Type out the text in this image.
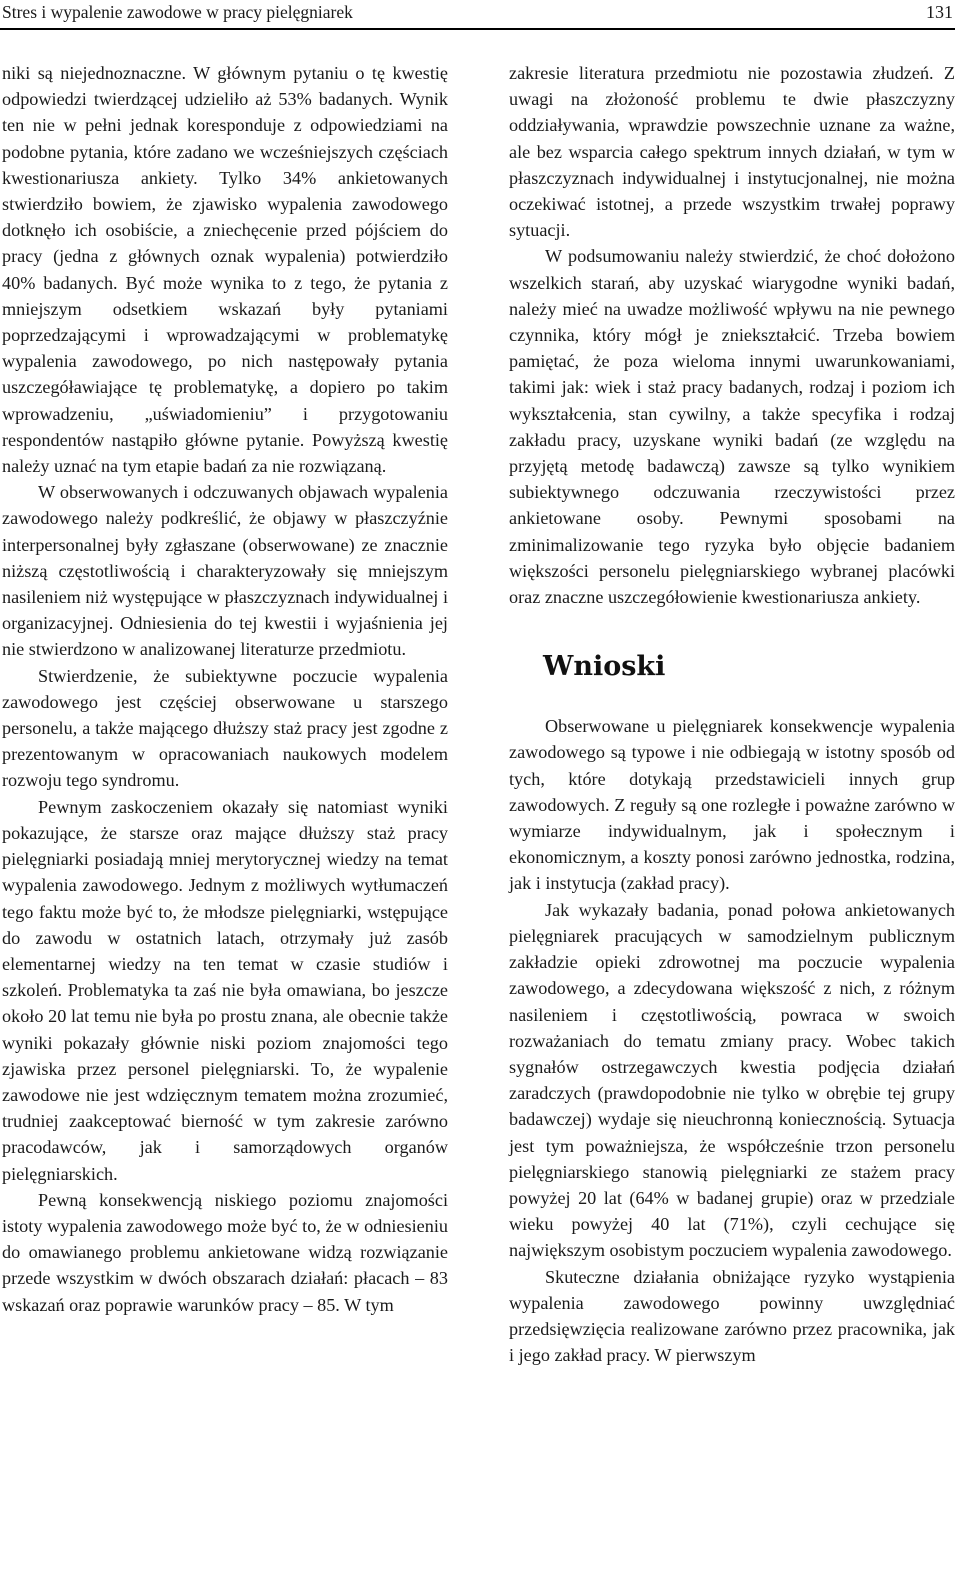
Stres i wypalenie zawodowe w pracy pielęgniarek	131

niki są niejednoznaczne. W głównym pytaniu o tę kwestię odpowiedzi twierdzącej udzieliło aż 53% badanych. Wynik ten nie w pełni jednak koresponduje z odpowiedziami na podobne pytania, które zadano we wcześniejszych częściach kwestionariusza ankiety. Tylko 34% ankietowanych stwierdziło bowiem, że zjawisko wypalenia zawodowego dotknęło ich osobiście, a zniechęcenie przed pójściem do pracy (jedna z głównych oznak wypalenia) potwierdziło 40% badanych. Być może wynika to z tego, że pytania z mniejszym odsetkiem wskazań były pytaniami poprzedzającymi i wprowadzającymi w problematykę wypalenia zawodowego, po nich następowały pytania uszczegóławiające tę problematykę, a dopiero po takim wprowadzeniu, „uświadomieniu” i przygotowaniu respondentów nastąpiło główne pytanie. Powyższą kwestię należy uznać na tym etapie badań za nie rozwiązaną.

W obserwowanych i odczuwanych objawach wypalenia zawodowego należy podkreślić, że objawy w płaszczyźnie interpersonalnej były zgłaszane (obserwowane) ze znacznie niższą częstotliwością i charakteryzowały się mniejszym nasileniem niż występujące w płaszczyznach indywidualnej i organizacyjnej. Odniesienia do tej kwestii i wyjaśnienia jej nie stwierdzono w analizowanej literaturze przedmiotu.

Stwierdzenie, że subiektywne poczucie wypalenia zawodowego jest częściej obserwowane u starszego personelu, a także mającego dłuższy staż pracy jest zgodne z prezentowanym w opracowaniach naukowych modelem rozwoju tego syndromu.

Pewnym zaskoczeniem okazały się natomiast wyniki pokazujące, że starsze oraz mające dłuższy staż pracy pielęgniarki posiadają mniej merytorycznej wiedzy na temat wypalenia zawodowego. Jednym z możliwych wytłumaczeń tego faktu może być to, że młodsze pielęgniarki, wstępujące do zawodu w ostatnich latach, otrzymały już zasób elementarnej wiedzy na ten temat w czasie studiów i szkoleń. Problematyka ta zaś nie była omawiana, bo jeszcze około 20 lat temu nie była po prostu znana, ale obecnie także wyniki pokazały głównie niski poziom znajomości tego zjawiska przez personel pielęgniarski. To, że wypalenie zawodowe nie jest wdzięcznym tematem można zrozumieć, trudniej zaakceptować bierność w tym zakresie zarówno pracodawców, jak i samorządowych organów pielęgniarskich.

Pewną konsekwencją niskiego poziomu znajomości istoty wypalenia zawodowego może być to, że w odniesieniu do omawianego problemu ankietowane widzą rozwiązanie przede wszystkim w dwóch obszarach działań: płacach – 83 wskazań oraz poprawie warunków pracy – 85. W tym

zakresie literatura przedmiotu nie pozostawia złudzeń. Z uwagi na złożoność problemu te dwie płaszczyzny oddziaływania, wprawdzie powszechnie uznane za ważne, ale bez wsparcia całego spektrum innych działań, w tym w płaszczyznach indywidualnej i instytucjonalnej, nie można oczekiwać istotnej, a przede wszystkim trwałej poprawy sytuacji.

W podsumowaniu należy stwierdzić, że choć dołożono wszelkich starań, aby uzyskać wiarygodne wyniki badań, należy mieć na uwadze możliwość wpływu na nie pewnego czynnika, który mógł je zniekształcić. Trzeba bowiem pamiętać, że poza wieloma innymi uwarunkowaniami, takimi jak: wiek i staż pracy badanych, rodzaj i poziom ich wykształcenia, stan cywilny, a także specyfika i rodzaj zakładu pracy, uzyskane wyniki badań (ze względu na przyjętą metodę badawczą) zawsze są tylko wynikiem subiektywnego odczuwania rzeczywistości przez ankietowane osoby. Pewnymi sposobami na zminimalizowanie tego ryzyka było objęcie badaniem większości personelu pielęgniarskiego wybranej placówki oraz znaczne uszczegółowienie kwestionariusza ankiety.

Wnioski

Obserwowane u pielęgniarek konsekwencje wypalenia zawodowego są typowe i nie odbiegają w istotny sposób od tych, które dotykają przedstawicieli innych grup zawodowych. Z reguły są one rozległe i poważne zarówno w wymiarze indywidualnym, jak i społecznym i ekonomicznym, a koszty ponosi zarówno jednostka, rodzina, jak i instytucja (zakład pracy).

Jak wykazały badania, ponad połowa ankietowanych pielęgniarek pracujących w samodzielnym publicznym zakładzie opieki zdrowotnej ma poczucie wypalenia zawodowego, a zdecydowana większość z nich, z różnym nasileniem i częstotliwością, powraca w swoich rozważaniach do tematu zmiany pracy. Wobec takich sygnałów ostrzegawczych kwestia podjęcia działań zaradczych (prawdopodobnie nie tylko w obrębie tej grupy badawczej) wydaje się nieuchronną koniecznością. Sytuacja jest tym poważniejsza, że współcześnie trzon personelu pielęgniarskiego stanowią pielęgniarki ze stażem pracy powyżej 20 lat (64% w badanej grupie) oraz w przedziale wieku powyżej 40 lat (71%), czyli cechujące się największym osobistym poczuciem wypalenia zawodowego.

Skuteczne działania obniżające ryzyko wystąpienia wypalenia zawodowego powinny uwzględniać przedsięwzięcia realizowane zarówno przez pracownika, jak i jego zakład pracy. W pierwszym
